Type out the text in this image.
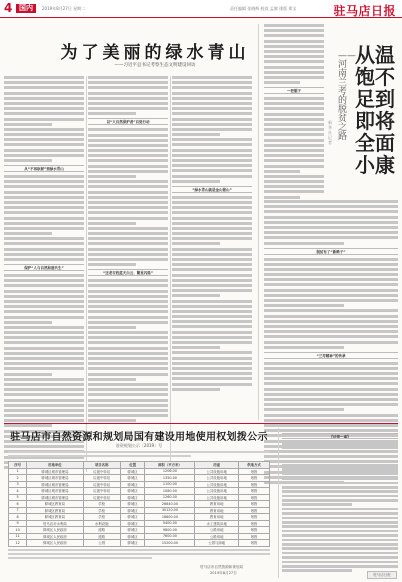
4 国内	2019年8月27日 星期二	责任编辑 张晓辉 校读 孟黎 排版 郑宝	驻马店日报
为了美丽的绿水青山
——习近平总书记考察生态文明建设回访
从“不再砍树”到绿水青山
保护“人与自然和谐共生”
以“大自然保护者”自觉行动
“还老百姓蓝天白云、繁星闪烁”
“绿水青山就是金山银山”
一把锯子
——河南兰考的脱贫之路
新华社记者
从温饱不足到即将全面小康
脱贫有了“新路子”
“兰考精神”的传承
驻马店市自然资源和规划局国有建设用地使用权划拨公示
驻资规划公示〔2019〕号
序号	用地单位	项目名称	位置	面积（平方米）	用途	供地方式
1	驿城区城市管理局	垃圾中转站	驿城区	1200.00	公共设施用地	划拨
2	驿城区城市管理局	垃圾中转站	驿城区	1350.00	公共设施用地	划拨
3	驿城区城市管理局	垃圾中转站	驿城区	1100.00	公共设施用地	划拨
4	驿城区城市管理局	垃圾中转站	驿城区	1080.00	公共设施用地	划拨
5	驿城区城市管理局	垃圾中转站	驿城区	1260.00	公共设施用地	划拨
6	驿城区教育局	学校	驿城区	26840.00	教育用地	划拨
7	驿城区教育局	学校	驿城区	30120.00	教育用地	划拨
8	驿城区教育局	学校	驿城区	18600.00	教育用地	划拨
9	驻马店市水利局	水利设施	驿城区	5400.00	水工建筑用地	划拨
10	驿城区人民政府	道路	驿城区	9800.00	公路用地	划拨
11	驿城区人民政府	道路	驿城区	7600.00	公路用地	划拨
12	驿城区人民政府	公园	驿城区	15200.00	公园与绿地	划拨
驻马店市自然资源和规划局
2019年8月27日
【法律一事】
驻马店日报
